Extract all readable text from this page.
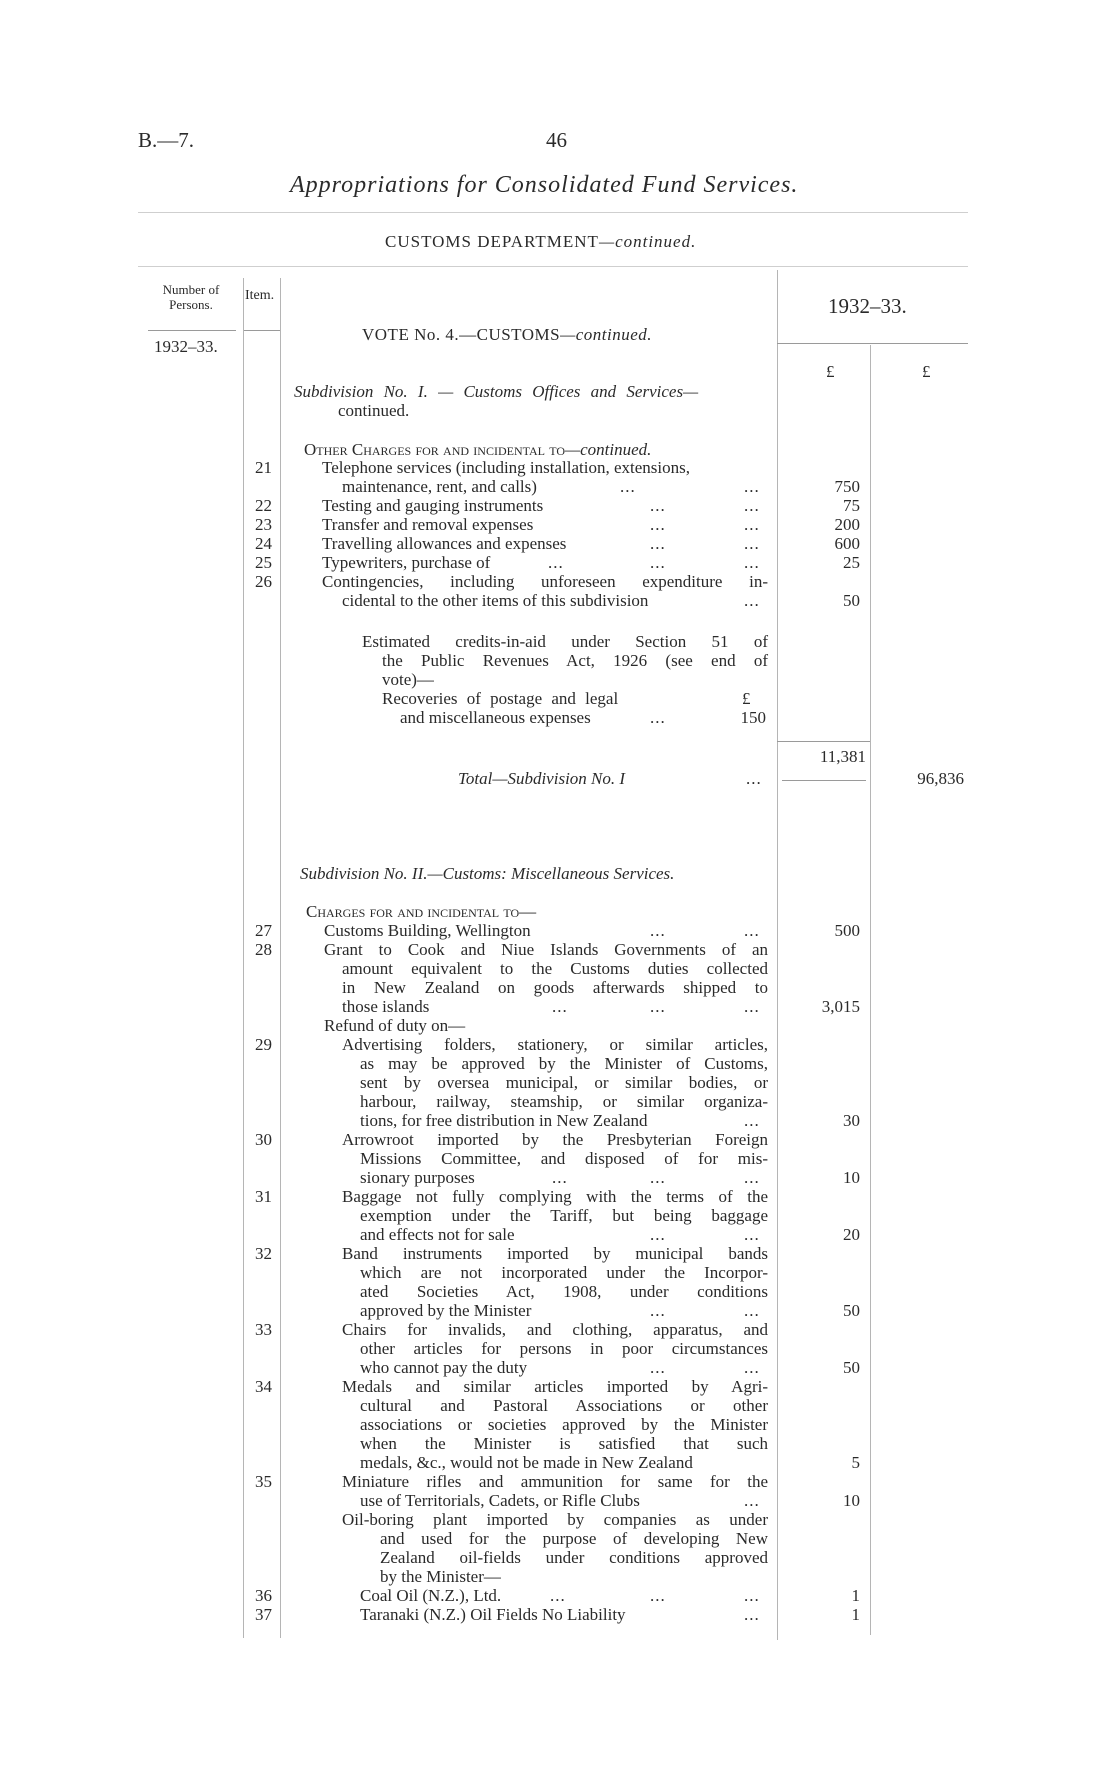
B.—7.	46
Appropriations for Consolidated Fund Services.
CUSTOMS DEPARTMENT—continued.
Number of Persons.
Item.
1932–33.
1932–33.
£	£
VOTE No. 4.—CUSTOMS—continued.
Subdivision No. I. — Customs Offices and Services—
continued.
Other Charges for and incidental to—continued.
21	Telephone services (including installation, extensions,
maintenance, rent, and calls)	...	...	750
22	Testing and gauging instruments	...	...	75
23	Transfer and removal expenses	...	...	200
24	Travelling allowances and expenses	...	...	600
25	Typewriters, purchase of	...	...	...	25
26	Contingencies, including unforeseen expenditure in-
cidental to the other items of this subdivision	...	50
Estimated credits-in-aid under Section 51 of
the Public Revenues Act, 1926 (see end of
vote)—
Recoveries of postage and legal	£
and miscellaneous expenses	...	150
11,381
Total—Subdivision No. I	...	96,836
Subdivision No. II.—Customs: Miscellaneous Services.
Charges for and incidental to—
27	Customs Building, Wellington	...	...	500
28	Grant to Cook and Niue Islands Governments of an
amount equivalent to the Customs duties collected
in New Zealand on goods afterwards shipped to
those islands	...	...	...	3,015
Refund of duty on—
29	Advertising folders, stationery, or similar articles,
as may be approved by the Minister of Customs,
sent by oversea municipal, or similar bodies, or
harbour, railway, steamship, or similar organiza-
tions, for free distribution in New Zealand	...	30
30	Arrowroot imported by the Presbyterian Foreign
Missions Committee, and disposed of for mis-
sionary purposes	...	...	...	10
31	Baggage not fully complying with the terms of the
exemption under the Tariff, but being baggage
and effects not for sale	...	...	20
32	Band instruments imported by municipal bands
which are not incorporated under the Incorpor-
ated Societies Act, 1908, under conditions
approved by the Minister	...	...	50
33	Chairs for invalids, and clothing, apparatus, and
other articles for persons in poor circumstances
who cannot pay the duty	...	...	50
34	Medals and similar articles imported by Agri-
cultural and Pastoral Associations or other
associations or societies approved by the Minister
when the Minister is satisfied that such
medals, &c., would not be made in New Zealand	5
35	Miniature rifles and ammunition for same for the
use of Territorials, Cadets, or Rifle Clubs	...	10
Oil-boring plant imported by companies as under
and used for the purpose of developing New
Zealand oil-fields under conditions approved
by the Minister—
36	Coal Oil (N.Z.), Ltd.	...	...	...	1
37	Taranaki (N.Z.) Oil Fields No Liability	...	1
